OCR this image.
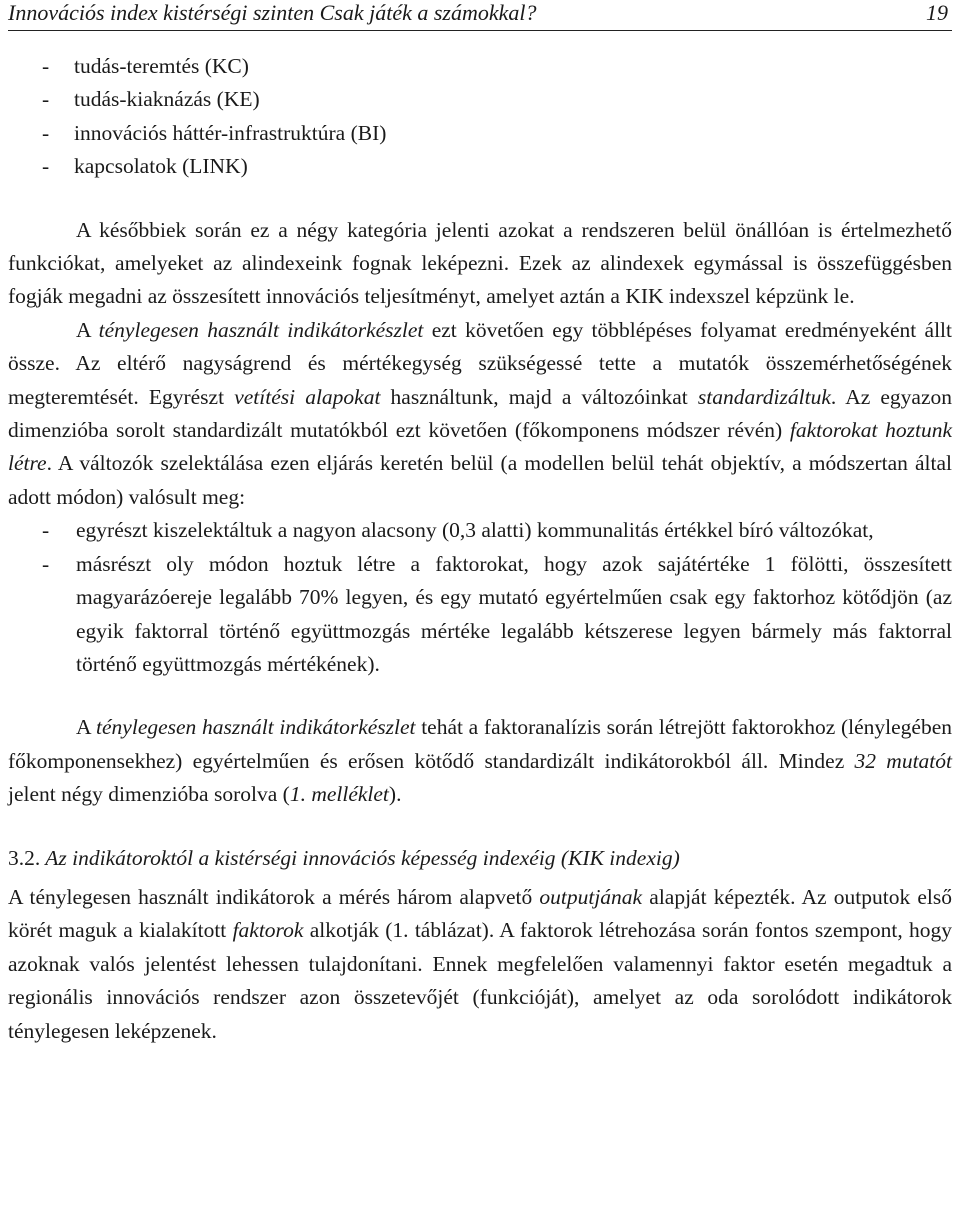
Innovációs index kistérségi szinten Csak játék a számokkal?	19
- tudás-teremtés (KC)
- tudás-kiaknázás (KE)
- innovációs háttér-infrastruktúra (BI)
- kapcsolatok (LINK)

A későbbiek során ez a négy kategória jelenti azokat a rendszeren belül önállóan is értelmezhető funkciókat, amelyeket az alindexeink fognak leképezni. Ezek az alindexek egymással is összefüggésben fogják megadni az összesített innovációs teljesítményt, amelyet aztán a KIK indexszel képzünk le.

A ténylegesen használt indikátorkészlet ezt követően egy többlépéses folyamat eredményeként állt össze. Az eltérő nagyságrend és mértékegység szükségessé tette a mutatók összemérhetőségének megteremtését. Egyrészt vetítési alapokat használtunk, majd a változóinkat standardizáltuk. Az egyazon dimenzióba sorolt standardizált mutatókból ezt követően (főkomponens módszer révén) faktorokat hoztunk létre. A változók szelektálása ezen eljárás keretén belül (a modellen belül tehát objektív, a módszertan által adott módon) valósult meg:

- egyrészt kiszelektáltuk a nagyon alacsony (0,3 alatti) kommunalitás értékkel bíró változókat,
- másrészt oly módon hoztuk létre a faktorokat, hogy azok sajátértéke 1 fölötti, összesített magyarázóereje legalább 70% legyen, és egy mutató egyértelműen csak egy faktorhoz kötődjön (az egyik faktorral történő együttmozgás mértéke legalább kétszerese legyen bármely más faktorral történő együttmozgás mértékének).

A ténylegesen használt indikátorkészlet tehát a faktoranalízis során létrejött faktorokhoz (lénylegében főkomponensekhez) egyértelműen és erősen kötődő standardizált indikátorokból áll. Mindez 32 mutatót jelent négy dimenzióba sorolva (1. melléklet).

3.2. Az indikátoroktól a kistérségi innovációs képesség indexéig (KIK indexig)

A ténylegesen használt indikátorok a mérés három alapvető outputjának alapját képezték. Az outputok első körét maguk a kialakított faktorok alkotják (1. táblázat). A faktorok létrehozása során fontos szempont, hogy azoknak valós jelentést lehessen tulajdonítani. Ennek megfelelően valamennyi faktor esetén megadtuk a regionális innovációs rendszer azon összetevőjét (funkcióját), amelyet az oda sorolódott indikátorok ténylegesen leképzenek.
